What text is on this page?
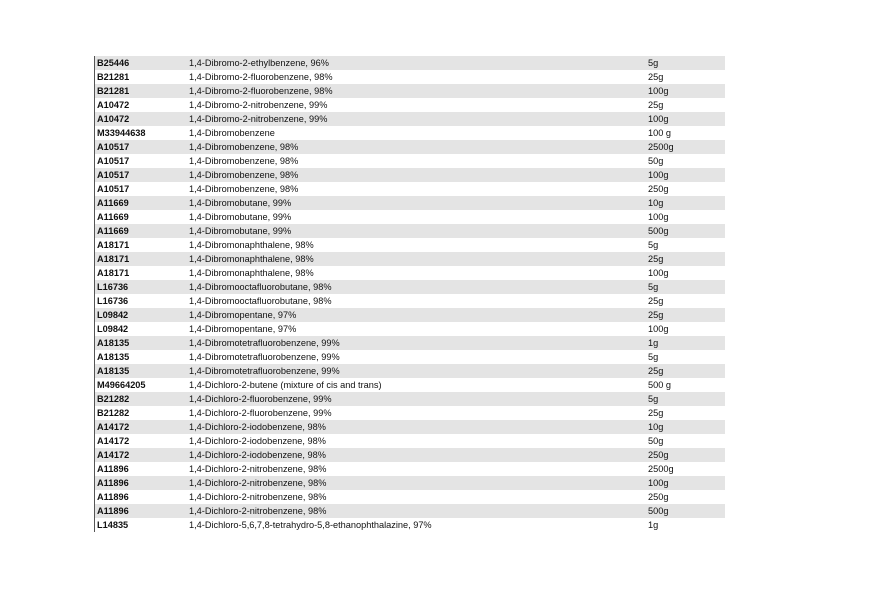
B25446	1,4-Dibromo-2-ethylbenzene, 96%	5g
B21281	1,4-Dibromo-2-fluorobenzene, 98%	25g
B21281	1,4-Dibromo-2-fluorobenzene, 98%	100g
A10472	1,4-Dibromo-2-nitrobenzene, 99%	25g
A10472	1,4-Dibromo-2-nitrobenzene, 99%	100g
M33944638	1,4-Dibromobenzene	100 g
A10517	1,4-Dibromobenzene, 98%	2500g
A10517	1,4-Dibromobenzene, 98%	50g
A10517	1,4-Dibromobenzene, 98%	100g
A10517	1,4-Dibromobenzene, 98%	250g
A11669	1,4-Dibromobutane, 99%	10g
A11669	1,4-Dibromobutane, 99%	100g
A11669	1,4-Dibromobutane, 99%	500g
A18171	1,4-Dibromonaphthalene, 98%	5g
A18171	1,4-Dibromonaphthalene, 98%	25g
A18171	1,4-Dibromonaphthalene, 98%	100g
L16736	1,4-Dibromooctafluorobutane, 98%	5g
L16736	1,4-Dibromooctafluorobutane, 98%	25g
L09842	1,4-Dibromopentane, 97%	25g
L09842	1,4-Dibromopentane, 97%	100g
A18135	1,4-Dibromotetrafluorobenzene, 99%	1g
A18135	1,4-Dibromotetrafluorobenzene, 99%	5g
A18135	1,4-Dibromotetrafluorobenzene, 99%	25g
M49664205	1,4-Dichloro-2-butene (mixture of cis and trans)	500 g
B21282	1,4-Dichloro-2-fluorobenzene, 99%	5g
B21282	1,4-Dichloro-2-fluorobenzene, 99%	25g
A14172	1,4-Dichloro-2-iodobenzene, 98%	10g
A14172	1,4-Dichloro-2-iodobenzene, 98%	50g
A14172	1,4-Dichloro-2-iodobenzene, 98%	250g
A11896	1,4-Dichloro-2-nitrobenzene, 98%	2500g
A11896	1,4-Dichloro-2-nitrobenzene, 98%	100g
A11896	1,4-Dichloro-2-nitrobenzene, 98%	250g
A11896	1,4-Dichloro-2-nitrobenzene, 98%	500g
L14835	1,4-Dichloro-5,6,7,8-tetrahydro-5,8-ethanophthalazine, 97%	1g
